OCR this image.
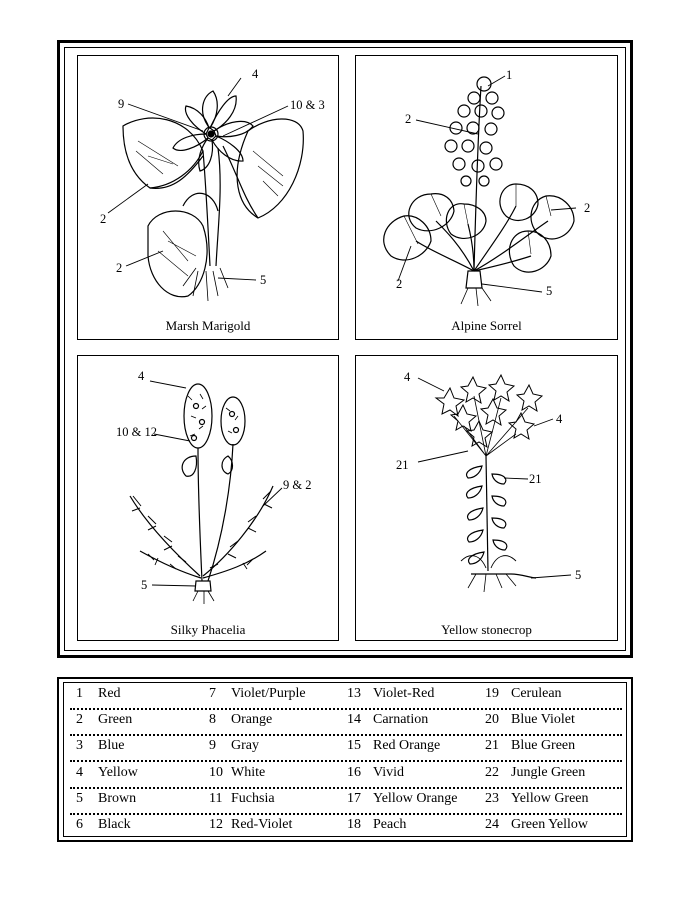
4
9	10 & 3
2
2
5
Marsh Marigold
1
2
2
2	5
Alpine Sorrel
4
10 & 12
9 & 2
5
Silky Phacelia
4
4
21
21
5
Yellow stonecrop
1 Red	7 Violet/Purple	13 Violet-Red	19 Cerulean
2 Green	8 Orange	14 Carnation	20 Blue Violet
3 Blue	9 Gray	15 Red Orange	21 Blue Green
4 Yellow	10 White	16 Vivid	22 Jungle Green
5 Brown	11 Fuchsia	17 Yellow Orange 23 Yellow Green
6 Black	12 Red-Violet	18 Peach	24 Green Yellow
